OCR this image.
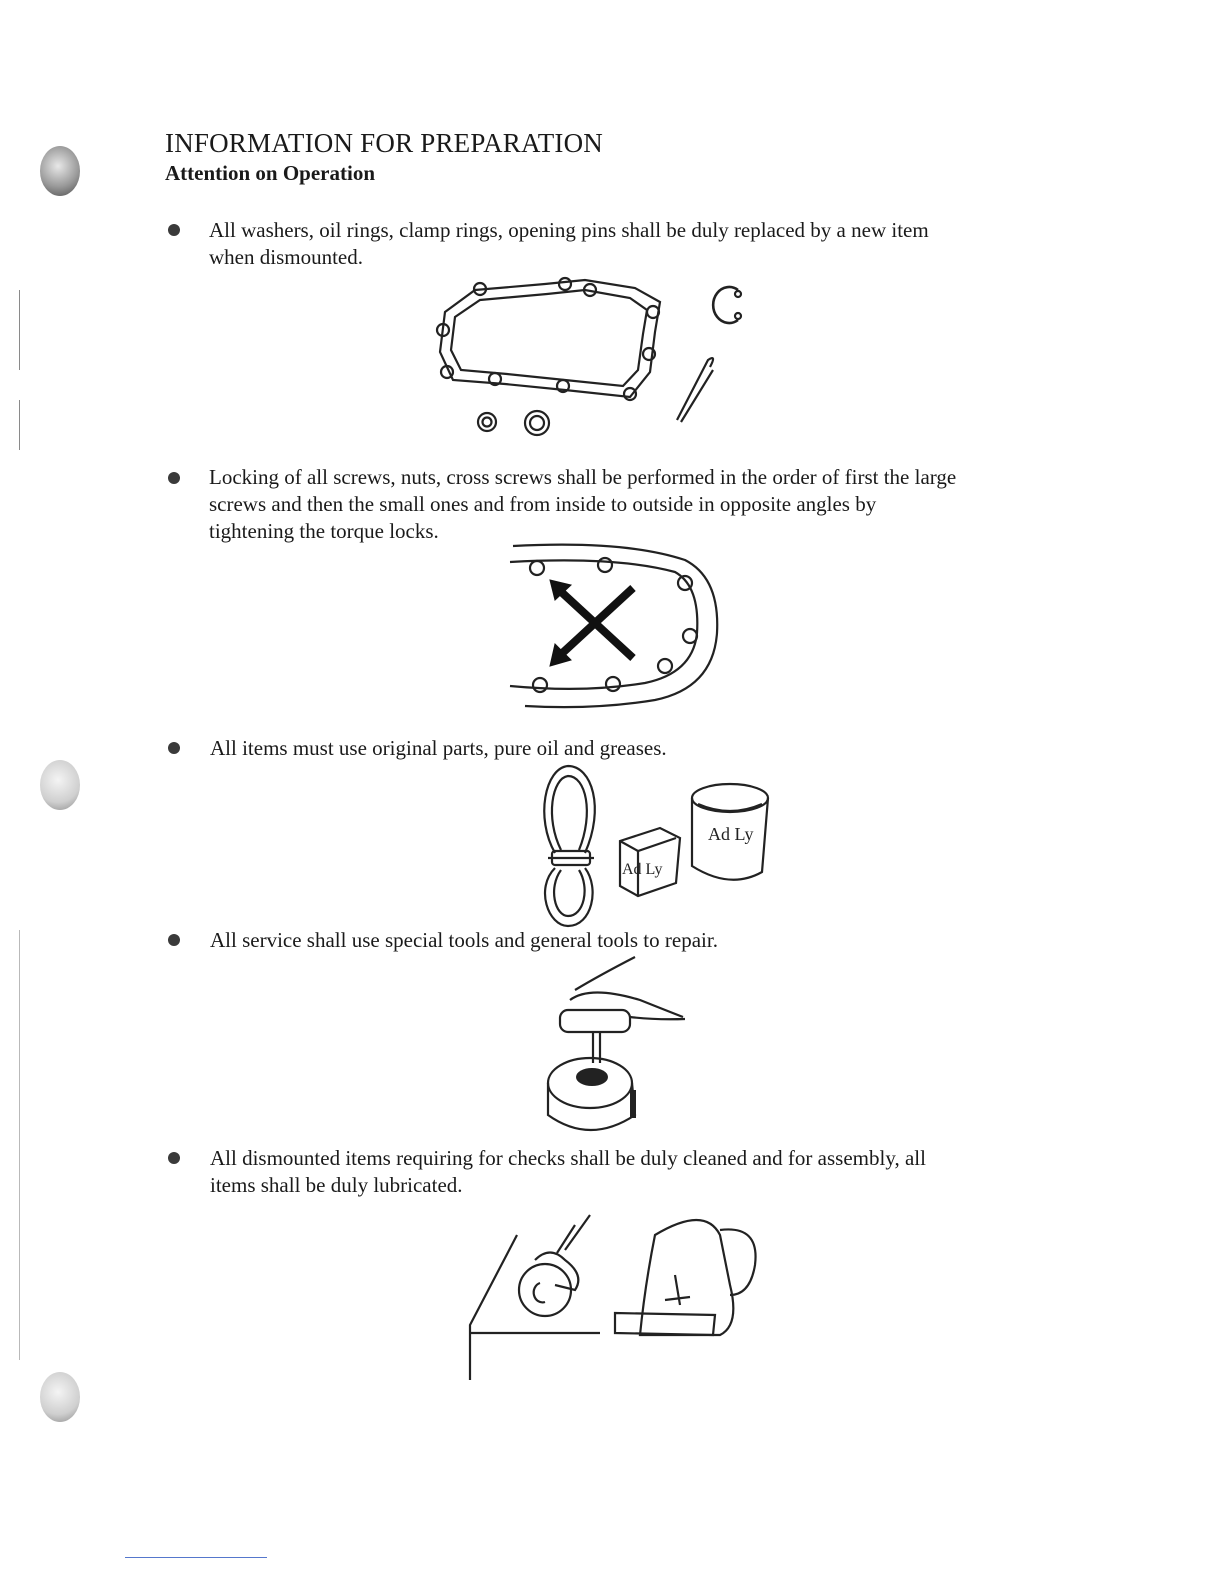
INFORMATION FOR PREPARATION
Attention on Operation
All washers, oil rings, clamp rings, opening pins shall be duly replaced by a new item
when dismounted.
Locking of all screws, nuts, cross screws shall be performed in the order of first the large
screws and then the small ones and from inside to outside in opposite angles by
tightening the torque locks.
All items must use original parts, pure oil and greases.
Ad Ly
Ad Ly
All service shall use special tools and general tools to repair.
All dismounted items requiring for checks shall be duly cleaned and for assembly, all
items shall be duly lubricated.
